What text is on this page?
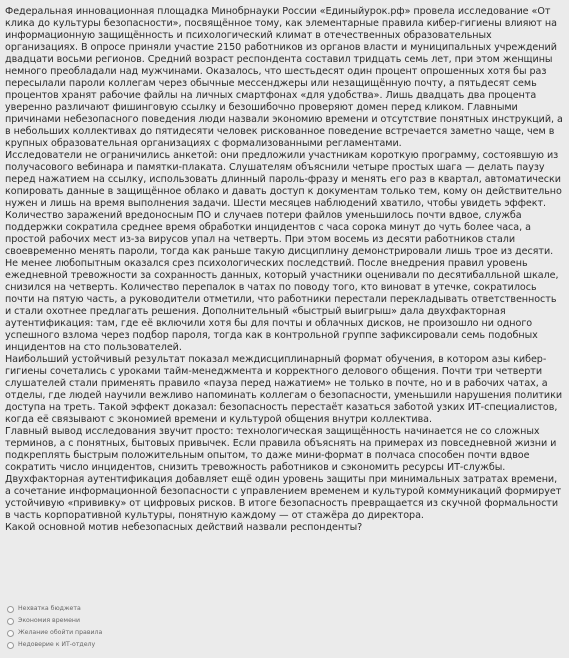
Федеральная инновационная площадка Минобрнауки России «Единыйурок.рф» провела исследование «От клика до культуры безопасности», посвящённое тому, как элементарные правила кибер-гигиены влияют на информационную защищённость и психологический климат в отечественных образовательных организациях. В опросе приняли участие 2150 работников из органов власти и муниципальных учреждений двадцати восьми регионов. Средний возраст респондента составил тридцать семь лет, при этом женщины немного преобладали над мужчинами. Оказалось, что шестьдесят один процент опрошенных хотя бы раз пересылали пароли коллегам через обычные мессенджеры или незащищённую почту, а пятьдесят семь процентов хранят рабочие файлы на личных смартфонах «для удобства». Лишь двадцать два процента уверенно различают фишинговую ссылку и безошибочно проверяют домен перед кликом. Главными причинами небезопасного поведения люди назвали экономию времени и отсутствие понятных инструкций, а в небольших коллективах до пятидесяти человек рискованное поведение встречается заметно чаще, чем в крупных образовательная организациях с формализованными регламентами.

Исследователи не ограничились анкетой: они предложили участникам короткую программу, состоявшую из получасового вебинара и памятки-плаката. Слушателям объяснили четыре простых шага — делать паузу перед нажатием на ссылку, использовать длинный пароль-фразу и менять его раз в квартал, автоматически копировать данные в защищённое облако и давать доступ к документам только тем, кому он действительно нужен и лишь на время выполнения задачи. Шести месяцев наблюдений хватило, чтобы увидеть эффект. Количество заражений вредоносным ПО и случаев потери файлов уменьшилось почти вдвое, служба поддержки сократила среднее время обработки инцидентов с часа сорока минут до чуть более часа, а простой рабочих мест из-за вирусов упал на четверть. При этом восемь из десяти работников стали своевременно менять пароли, тогда как раньше такую дисциплину демонстрировали лишь трое из десяти.

Не менее любопытным оказался срез психологических последствий. После внедрения правил уровень ежедневной тревожности за сохранность данных, который участники оценивали по десятибалльной шкале, снизился на четверть. Количество перепалок в чатах по поводу того, кто виноват в утечке, сократилось почти на пятую часть, а руководители отметили, что работники перестали перекладывать ответственность и стали охотнее предлагать решения. Дополнительный «быстрый выигрыш» дала двухфакторная аутентификация: там, где её включили хотя бы для почты и облачных дисков, не произошло ни одного успешного взлома через подбор пароля, тогда как в контрольной группе зафиксировали семь подобных инцидентов на сто пользователей.

Наибольший устойчивый результат показал междисциплинарный формат обучения, в котором азы кибер-гигиены сочетались с уроками тайм-менеджмента и корректного делового общения. Почти три четверти слушателей стали применять правило «пауза перед нажатием» не только в почте, но и в рабочих чатах, а отделы, где людей научили вежливо напоминать коллегам о безопасности, уменьшили нарушения политики доступа на треть. Такой эффект доказал: безопасность перестаёт казаться заботой узких ИТ-специалистов, когда её связывают с экономией времени и культурой общения внутри коллектива.

Главный вывод исследования звучит просто: технологическая защищённость начинается не со сложных терминов, а с понятных, бытовых привычек. Если правила объяснять на примерах из повседневной жизни и подкреплять быстрым положительным опытом, то даже мини-формат в полчаса способен почти вдвое сократить число инцидентов, снизить тревожность работников и сэкономить ресурсы ИТ-службы. Двухфакторная аутентификация добавляет ещё один уровень защиты при минимальных затратах времени, а сочетание информационной безопасности с управлением временем и культурой коммуникаций формирует устойчивую «прививку» от цифровых рисков. В итоге безопасность превращается из скучной формальности в часть корпоративной культуры, понятную каждому — от стажёра до директора.

Какой основной мотив небезопасных действий назвали респонденты?

Нехватка бюджета
Экономия времени
Желание обойти правила
Недоверие к ИТ-отделу
